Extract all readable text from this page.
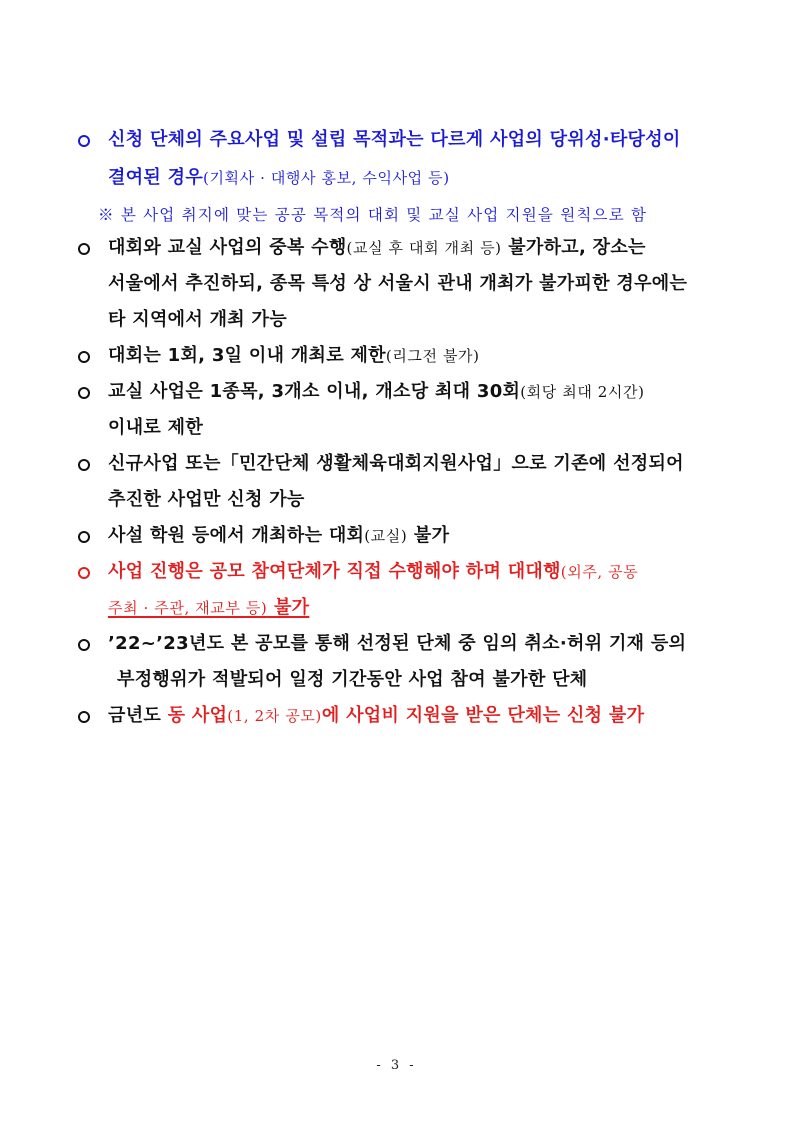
신청 단체의 주요사업 및 설립 목적과는 다르게 사업의 당위성·타당성이
결여된 경우(기획사 · 대행사 홍보, 수익사업 등)
※ 본 사업 취지에 맞는 공공 목적의 대회 및 교실 사업 지원을 원칙으로 함
대회와 교실 사업의 중복 수행(교실 후 대회 개최 등) 불가하고, 장소는
서울에서 추진하되, 종목 특성 상 서울시 관내 개최가 불가피한 경우에는
타 지역에서 개최 가능
대회는 1회, 3일 이내 개최로 제한(리그전 불가)
교실 사업은 1종목, 3개소 이내, 개소당 최대 30회(회당 최대 2시간)
이내로 제한
신규사업 또는「민간단체 생활체육대회지원사업」으로 기존에 선정되어
추진한 사업만 신청 가능
사설 학원 등에서 개최하는 대회(교실) 불가
사업 진행은 공모 참여단체가 직접 수행해야 하며 대대행(외주, 공동
주최 · 주관, 재교부 등) 불가
’22~’23년도 본 공모를 통해 선정된 단체 중 임의 취소·허위 기재 등의
부정행위가 적발되어 일정 기간동안 사업 참여 불가한 단체
금년도 동 사업(1, 2차 공모)에 사업비 지원을 받은 단체는 신청 불가
- 3 -
